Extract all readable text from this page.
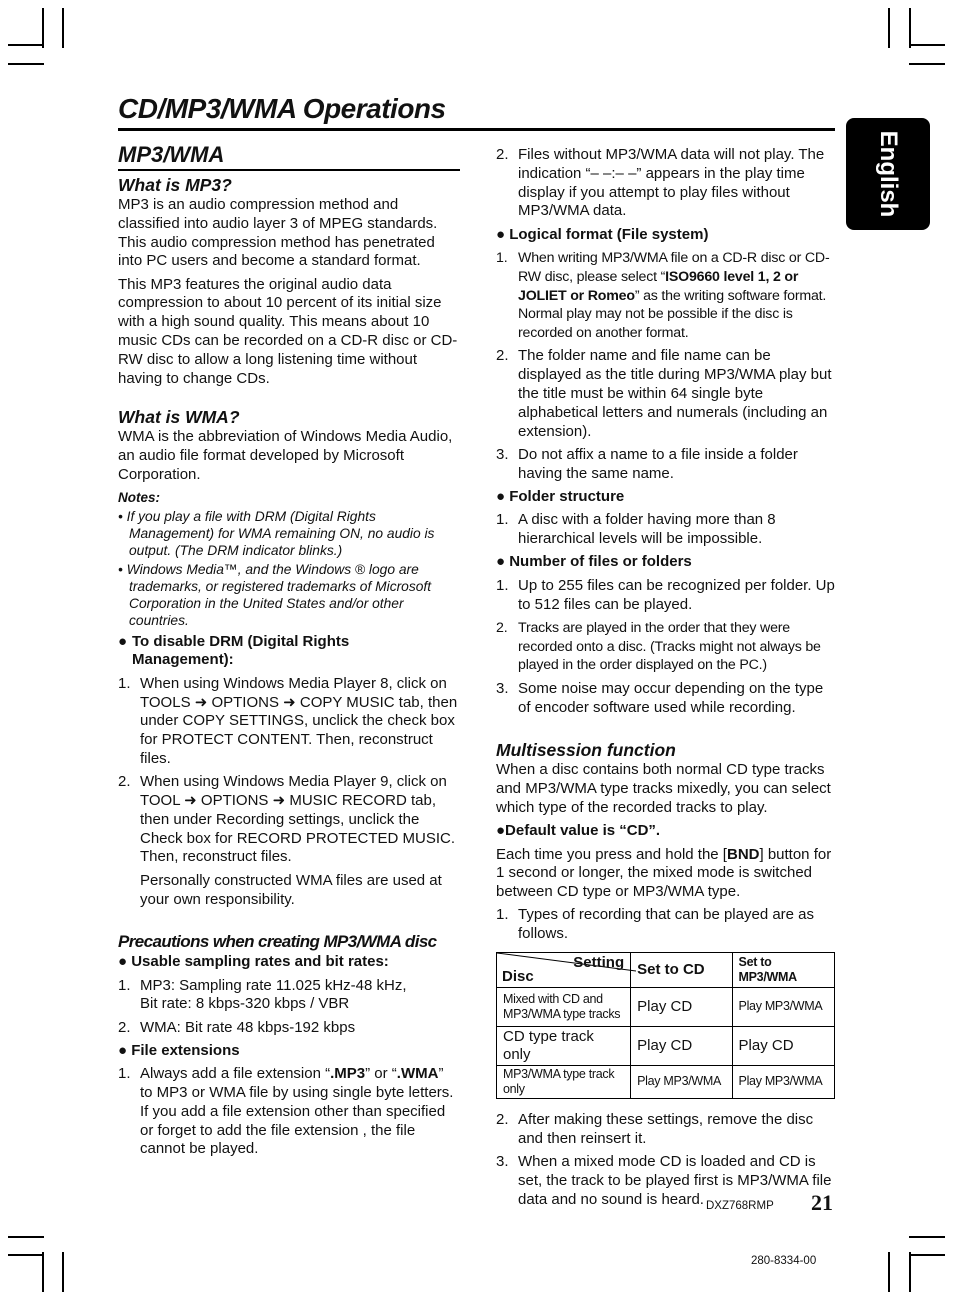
CD/MP3/WMA Operations
English
MP3/WMA
What is MP3?

MP3 is an audio compression method and classified into audio layer 3 of MPEG standards. This audio compression method has penetrated into PC users and become a standard format.

This MP3 features the original audio data compression to about 10 percent of its initial size with a high sound quality. This means about 10 music CDs can be recorded on a CD-R disc or CD-RW disc to allow a long listening time without having to change CDs.

What is WMA?

WMA is the abbreviation of Windows Media Audio, an audio file format developed by Microsoft Corporation.

Notes:

• If you play a file with DRM (Digital Rights Management) for WMA remaining ON, no audio is output. (The DRM indicator blinks.)

• Windows Media™, and the Windows ® logo are trademarks, or registered trademarks of Microsoft Corporation in the United States and/or other countries.

● To disable DRM (Digital Rights
Management):
1. When using Windows Media Player 8, click on TOOLS ➜ OPTIONS ➜ COPY MUSIC tab, then under COPY SETTINGS, unclick the check box for PROTECT CONTENT. Then, reconstruct files.
2. When using Windows Media Player 9, click on TOOL ➜ OPTIONS ➜ MUSIC RECORD tab, then under Recording settings, unclick the Check box for RECORD PROTECTED MUSIC. Then, reconstruct files.

Personally constructed WMA files are used at your own responsibility.

Precautions when creating MP3/WMA disc
● Usable sampling rates and bit rates:
1. MP3: Sampling rate 11.025 kHz-48 kHz,
Bit rate: 8 kbps-320 kbps / VBR
2. WMA: Bit rate 48 kbps-192 kbps
● File extensions
1. Always add a file extension “.MP3” or “.WMA” to MP3 or WMA file by using single byte letters. If you add a file extension other than specified or forget to add the file extension , the file cannot be played.
2. Files without MP3/WMA data will not play. The indication “– –:– –” appears in the play time display if you attempt to play files without MP3/WMA data.
● Logical format (File system)
1. When writing MP3/WMA file on a CD-R disc or CD-RW disc, please select “ISO9660 level 1, 2 or JOLIET or Romeo” as the writing software format. Normal play may not be possible if the disc is recorded on another format.
2. The folder name and file name can be displayed as the title during MP3/WMA play but the title must be within 64 single byte alphabetical letters and numerals (including an extension).
3. Do not affix a name to a file inside a folder having the same name.
● Folder structure
1. A disc with a folder having more than 8 hierarchical levels will be impossible.
● Number of files or folders
1. Up to 255 files can be recognized per folder. Up to 512 files can be played.
2. Tracks are played in the order that they were recorded onto a disc. (Tracks might not always be played in the order displayed on the PC.)
3. Some noise may occur depending on the type of encoder software used while recording.
Multisession function

When a disc contains both normal CD type tracks and MP3/WMA type tracks mixedly, you can select which type of the recorded tracks to play.

●Default value is “CD”.

Each time you press and hold the [BND] button for 1 second or longer, the mixed mode is switched between CD type or MP3/WMA type.

1. Types of recording that can be played are as follows.
Setting
Disc	Set to CD	Set to MP3/WMA
Mixed with CD and MP3/WMA type tracks	Play CD	Play MP3/WMA
CD type track only	Play CD	Play CD
MP3/WMA type track only	Play MP3/WMA	Play MP3/WMA
2. After making these settings, remove the disc and then reinsert it.
3. When a mixed mode CD is loaded and CD is set, the track to be played first is MP3/WMA file data and no sound is heard. DXZ768RMP 21
280-8334-00
